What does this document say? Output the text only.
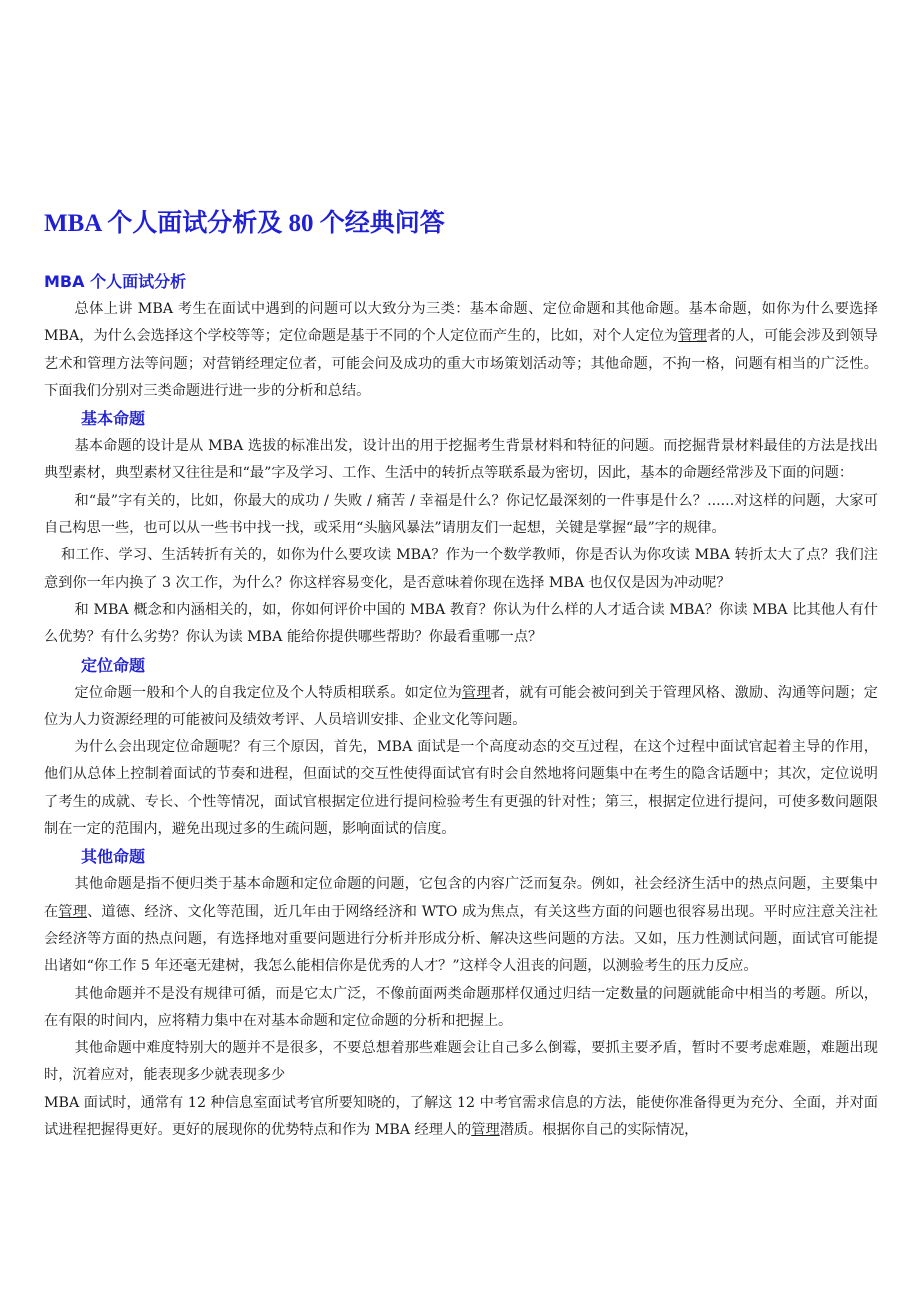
MBA 个人面试分析及 80 个经典问答
MBA 个人面试分析

总体上讲 MBA 考生在面试中遇到的问题可以大致分为三类：基本命题、定位命题和其他命题。基本命题，如你为什么要选择 MBA，为什么会选择这个学校等等；定位命题是基于不同的个人定位而产生的，比如，对个人定位为管理者的人，可能会涉及到领导艺术和管理方法等问题；对营销经理定位者，可能会问及成功的重大市场策划活动等；其他命题，不拘一格，问题有相当的广泛性。下面我们分别对三类命题进行进一步的分析和总结。

基本命题

基本命题的设计是从 MBA 选拔的标准出发，设计出的用于挖掘考生背景材料和特征的问题。而挖掘背景材料最佳的方法是找出典型素材，典型素材又往往是和“最”字及学习、工作、生活中的转折点等联系最为密切，因此，基本的命题经常涉及下面的问题：

和“最”字有关的，比如，你最大的成功 / 失败 / 痛苦 / 幸福是什么？你记忆最深刻的一件事是什么？......对这样的问题，大家可自己构思一些，也可以从一些书中找一找，或采用“头脑风暴法”请朋友们一起想，关键是掌握“最”字的规律。

和工作、学习、生活转折有关的，如你为什么要攻读 MBA？作为一个数学教师，你是否认为你攻读 MBA 转折太大了点？我们注意到你一年内换了 3 次工作，为什么？你这样容易变化，是否意味着你现在选择 MBA 也仅仅是因为冲动呢？

和 MBA 概念和内涵相关的，如，你如何评价中国的 MBA 教育？你认为什么样的人才适合读 MBA？你读 MBA 比其他人有什么优势？有什么劣势？你认为读 MBA 能给你提供哪些帮助？你最看重哪一点？

定位命题

定位命题一般和个人的自我定位及个人特质相联系。如定位为管理者，就有可能会被问到关于管理风格、激励、沟通等问题；定位为人力资源经理的可能被问及绩效考评、人员培训安排、企业文化等问题。

为什么会出现定位命题呢？有三个原因，首先，MBA 面试是一个高度动态的交互过程，在这个过程中面试官起着主导的作用，他们从总体上控制着面试的节奏和进程，但面试的交互性使得面试官有时会自然地将问题集中在考生的隐含话题中；其次，定位说明了考生的成就、专长、个性等情况，面试官根据定位进行提问检验考生有更强的针对性；第三，根据定位进行提问，可使多数问题限制在一定的范围内，避免出现过多的生疏问题，影响面试的信度。

其他命题

其他命题是指不便归类于基本命题和定位命题的问题，它包含的内容广泛而复杂。例如，社会经济生活中的热点问题，主要集中在管理、道德、经济、文化等范围，近几年由于网络经济和 WTO 成为焦点，有关这些方面的问题也很容易出现。平时应注意关注社会经济等方面的热点问题，有选择地对重要问题进行分析并形成分析、解决这些问题的方法。又如，压力性测试问题，面试官可能提出诸如“你工作 5 年还毫无建树，我怎么能相信你是优秀的人才？”这样令人沮丧的问题，以测验考生的压力反应。

其他命题并不是没有规律可循，而是它太广泛，不像前面两类命题那样仅通过归结一定数量的问题就能命中相当的考题。所以，在有限的时间内，应将精力集中在对基本命题和定位命题的分析和把握上。

其他命题中难度特别大的题并不是很多，不要总想着那些难题会让自己多么倒霉，要抓主要矛盾，暂时不要考虑难题，难题出现时，沉着应对，能表现多少就表现多少

MBA 面试时，通常有 12 种信息室面试考官所要知晓的，了解这 12 中考官需求信息的方法，能使你准备得更为充分、全面，并对面试进程把握得更好。更好的展现你的优势特点和作为 MBA 经理人的管理潜质。根据你自己的实际情况，
